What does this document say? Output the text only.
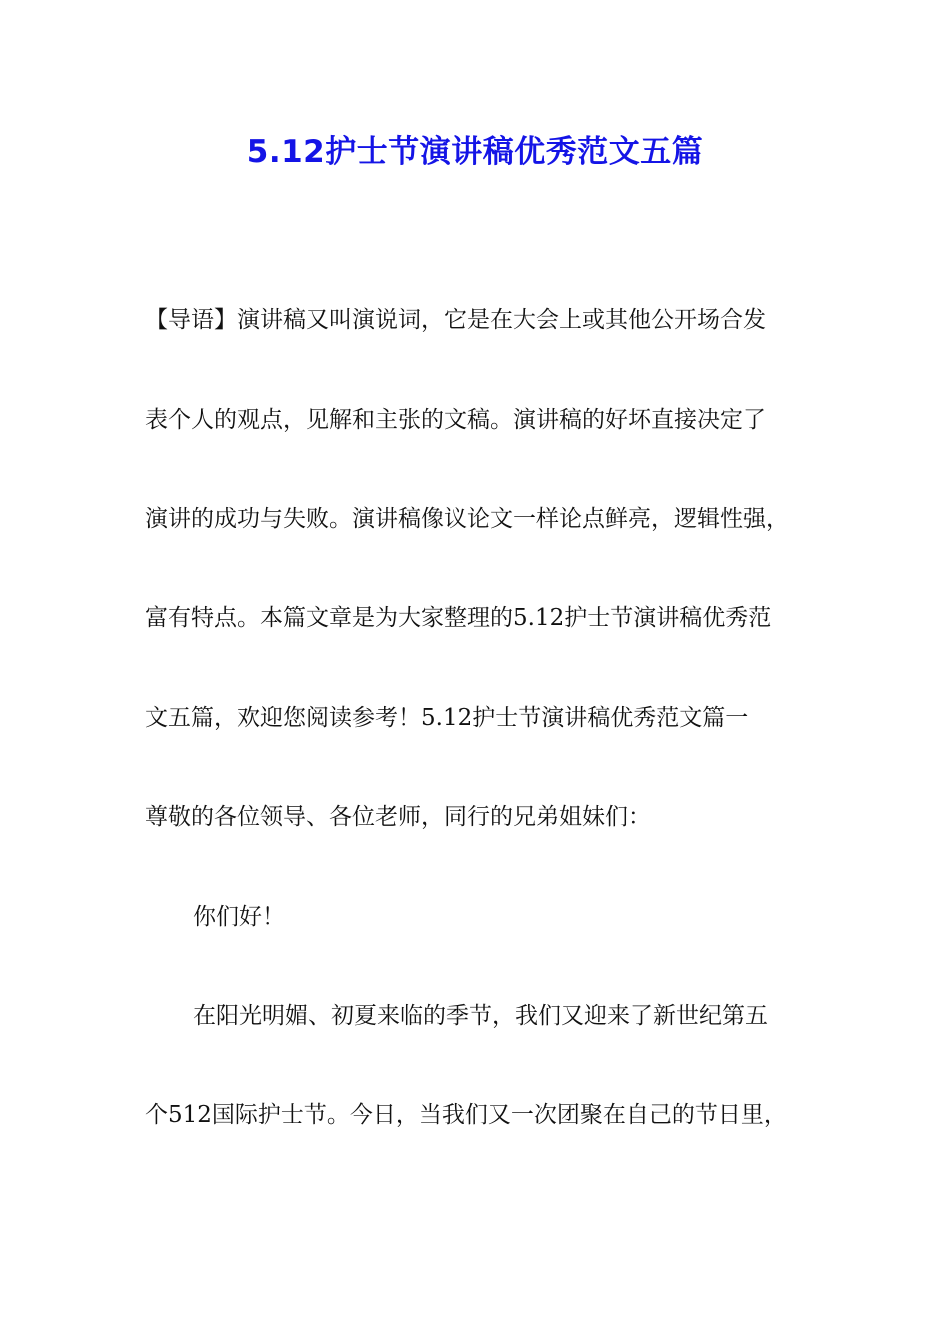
5.12护士节演讲稿优秀范文五篇

【导语】演讲稿又叫演说词，它是在大会上或其他公开场合发

表个人的观点，见解和主张的文稿。演讲稿的好坏直接决定了

演讲的成功与失败。演讲稿像议论文一样论点鲜亮，逻辑性强，

富有特点。本篇文章是为大家整理的5.12护士节演讲稿优秀范

文五篇，欢迎您阅读参考！5.12护士节演讲稿优秀范文篇一

尊敬的各位领导、各位老师，同行的兄弟姐妹们：

你们好！

在阳光明媚、初夏来临的季节，我们又迎来了新世纪第五

个512国际护士节。今日，当我们又一次团聚在自己的节日里，
